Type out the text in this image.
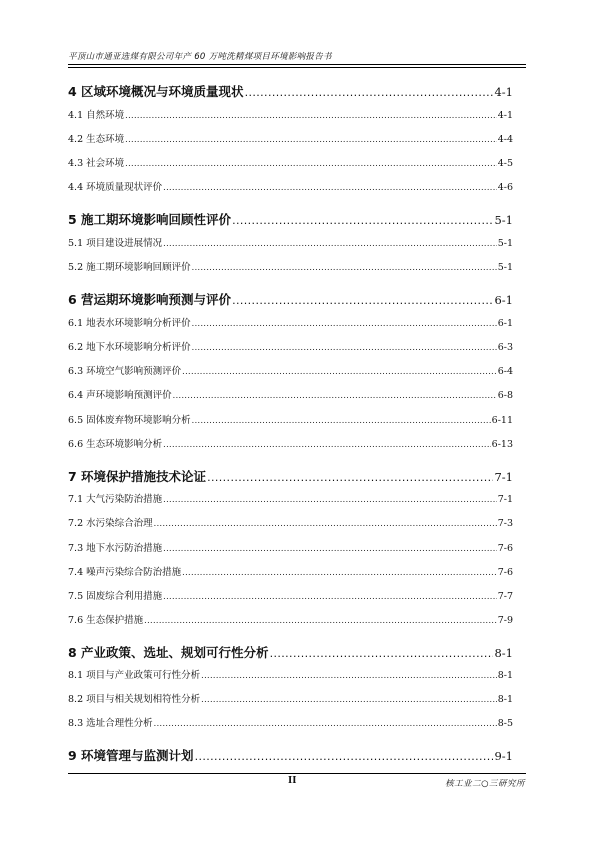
平顶山市通亚选煤有限公司年产 60 万吨洗精煤项目环境影响报告书
4 区域环境概况与环境质量现状 .....	4-1
4.1 自然环境 .....	4-1
4.2 生态环境 .....	4-4
4.3 社会环境 .....	4-5
4.4 环境质量现状评价 .....	4-6
5 施工期环境影响回顾性评价 .....	5-1
5.1 项目建设进展情况 .....	5-1
5.2 施工期环境影响回顾评价 .....	5-1
6 营运期环境影响预测与评价 .....	6-1
6.1 地表水环境影响分析评价 .....	6-1
6.2 地下水环境影响分析评价 .....	6-3
6.3 环境空气影响预测评价 .....	6-4
6.4 声环境影响预测评价 .....	6-8
6.5 固体废弃物环境影响分析 .....	6-11
6.6 生态环境影响分析 .....	6-13
7 环境保护措施技术论证 .....	7-1
7.1 大气污染防治措施 .....	7-1
7.2 水污染综合治理 .....	7-3
7.3 地下水污防治措施 .....	7-6
7.4 噪声污染综合防治措施 .....	7-6
7.5 固废综合利用措施 .....	7-7
7.6 生态保护措施 .....	7-9
8 产业政策、选址、规划可行性分析 .....	8-1
8.1 项目与产业政策可行性分析 .....	8-1
8.2 项目与相关规划相符性分析 .....	8-1
8.3 选址合理性分析 .....	8-5
9 环境管理与监测计划 .....	9-1
II	核工业二○三研究所
